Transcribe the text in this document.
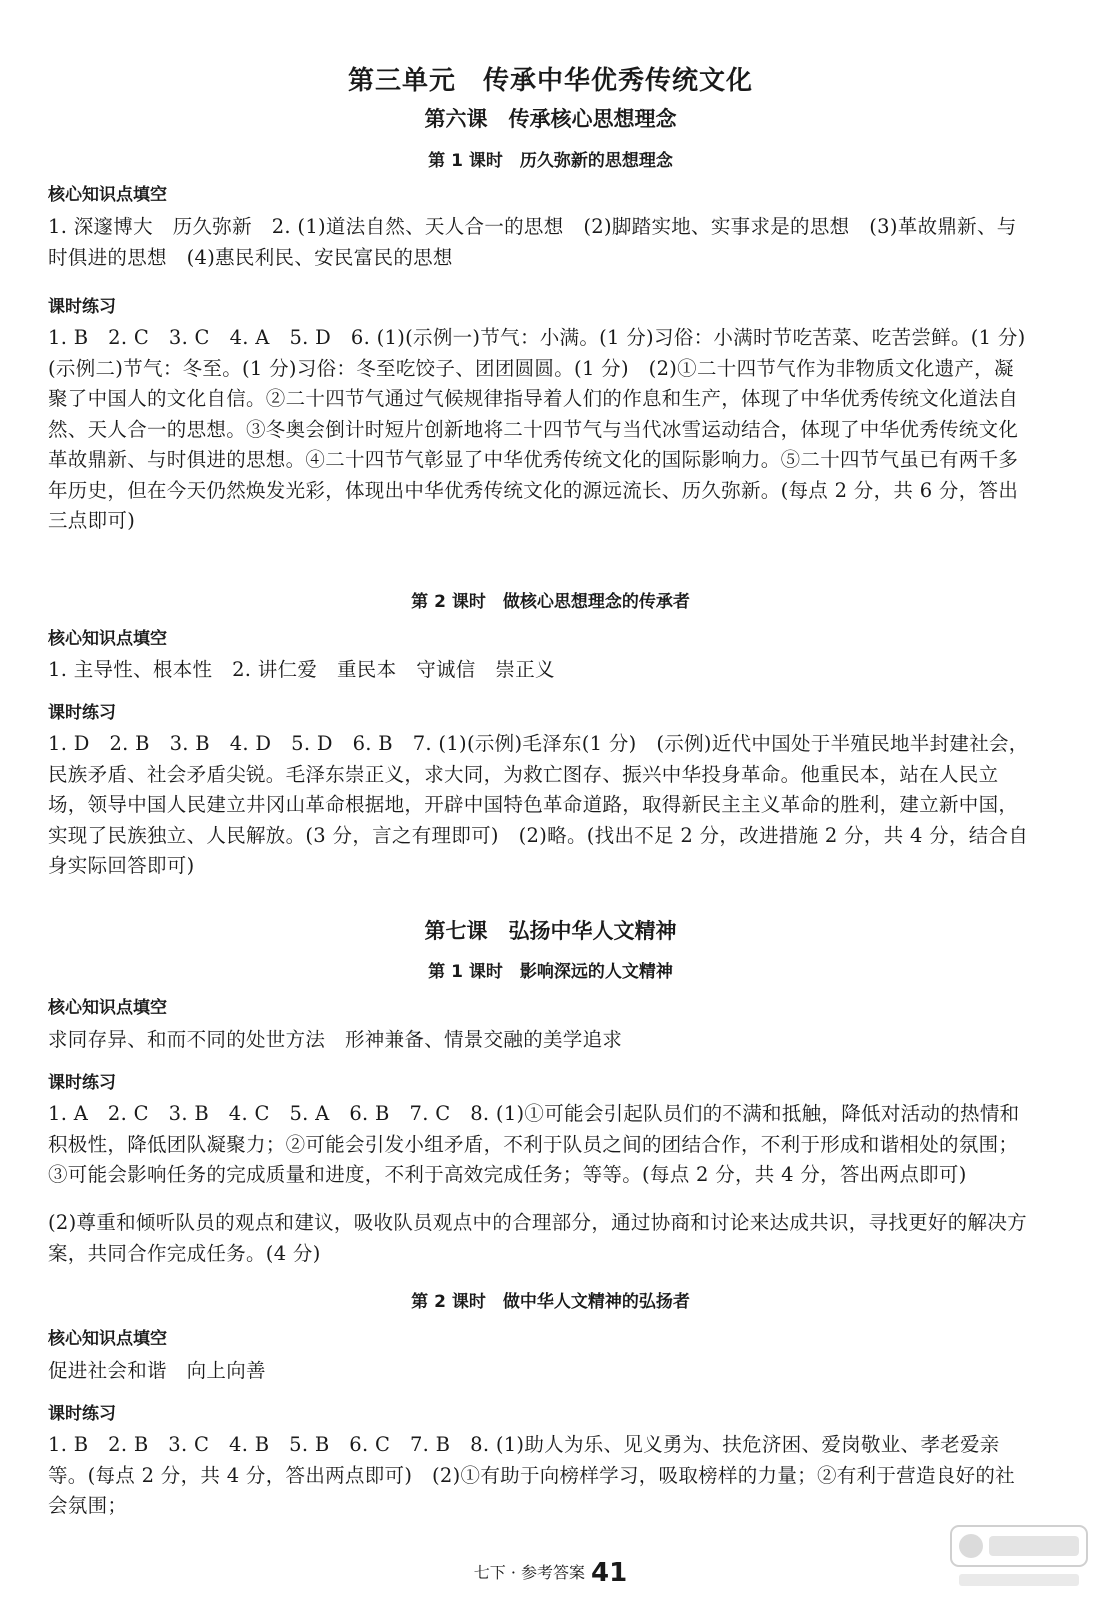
第三单元　传承中华优秀传统文化
第六课　传承核心思想理念
第 1 课时　历久弥新的思想理念
核心知识点填空
1. 深邃博大　历久弥新　2. (1)道法自然、天人合一的思想　(2)脚踏实地、实事求是的思想　(3)革故鼎新、与时俱进的思想　(4)惠民利民、安民富民的思想
课时练习
1. B　2. C　3. C　4. A　5. D　6. (1)(示例一)节气：小满。(1 分)习俗：小满时节吃苦菜、吃苦尝鲜。(1 分)(示例二)节气：冬至。(1 分)习俗：冬至吃饺子、团团圆圆。(1 分)　(2)①二十四节气作为非物质文化遗产，凝聚了中国人的文化自信。②二十四节气通过气候规律指导着人们的作息和生产，体现了中华优秀传统文化道法自然、天人合一的思想。③冬奥会倒计时短片创新地将二十四节气与当代冰雪运动结合，体现了中华优秀传统文化革故鼎新、与时俱进的思想。④二十四节气彰显了中华优秀传统文化的国际影响力。⑤二十四节气虽已有两千多年历史，但在今天仍然焕发光彩，体现出中华优秀传统文化的源远流长、历久弥新。(每点 2 分，共 6 分，答出三点即可)
第 2 课时　做核心思想理念的传承者
核心知识点填空
1. 主导性、根本性　2. 讲仁爱　重民本　守诚信　崇正义
课时练习
1. D　2. B　3. B　4. D　5. D　6. B　7. (1)(示例)毛泽东(1 分)　(示例)近代中国处于半殖民地半封建社会，民族矛盾、社会矛盾尖锐。毛泽东崇正义，求大同，为救亡图存、振兴中华投身革命。他重民本，站在人民立场，领导中国人民建立井冈山革命根据地，开辟中国特色革命道路，取得新民主主义革命的胜利，建立新中国，实现了民族独立、人民解放。(3 分，言之有理即可)　(2)略。(找出不足 2 分，改进措施 2 分，共 4 分，结合自身实际回答即可)
第七课　弘扬中华人文精神
第 1 课时　影响深远的人文精神
核心知识点填空
求同存异、和而不同的处世方法　形神兼备、情景交融的美学追求
课时练习
1. A　2. C　3. B　4. C　5. A　6. B　7. C　8. (1)①可能会引起队员们的不满和抵触，降低对活动的热情和积极性，降低团队凝聚力；②可能会引发小组矛盾，不利于队员之间的团结合作，不利于形成和谐相处的氛围；③可能会影响任务的完成质量和进度，不利于高效完成任务；等等。(每点 2 分，共 4 分，答出两点即可)
(2)尊重和倾听队员的观点和建议，吸收队员观点中的合理部分，通过协商和讨论来达成共识，寻找更好的解决方案，共同合作完成任务。(4 分)
第 2 课时　做中华人文精神的弘扬者
核心知识点填空
促进社会和谐　向上向善
课时练习
1. B　2. B　3. C　4. B　5. B　6. C　7. B　8. (1)助人为乐、见义勇为、扶危济困、爱岗敬业、孝老爱亲等。(每点 2 分，共 4 分，答出两点即可)　(2)①有助于向榜样学习，吸取榜样的力量；②有利于营造良好的社会氛围；
七下 · 参考答案 41
